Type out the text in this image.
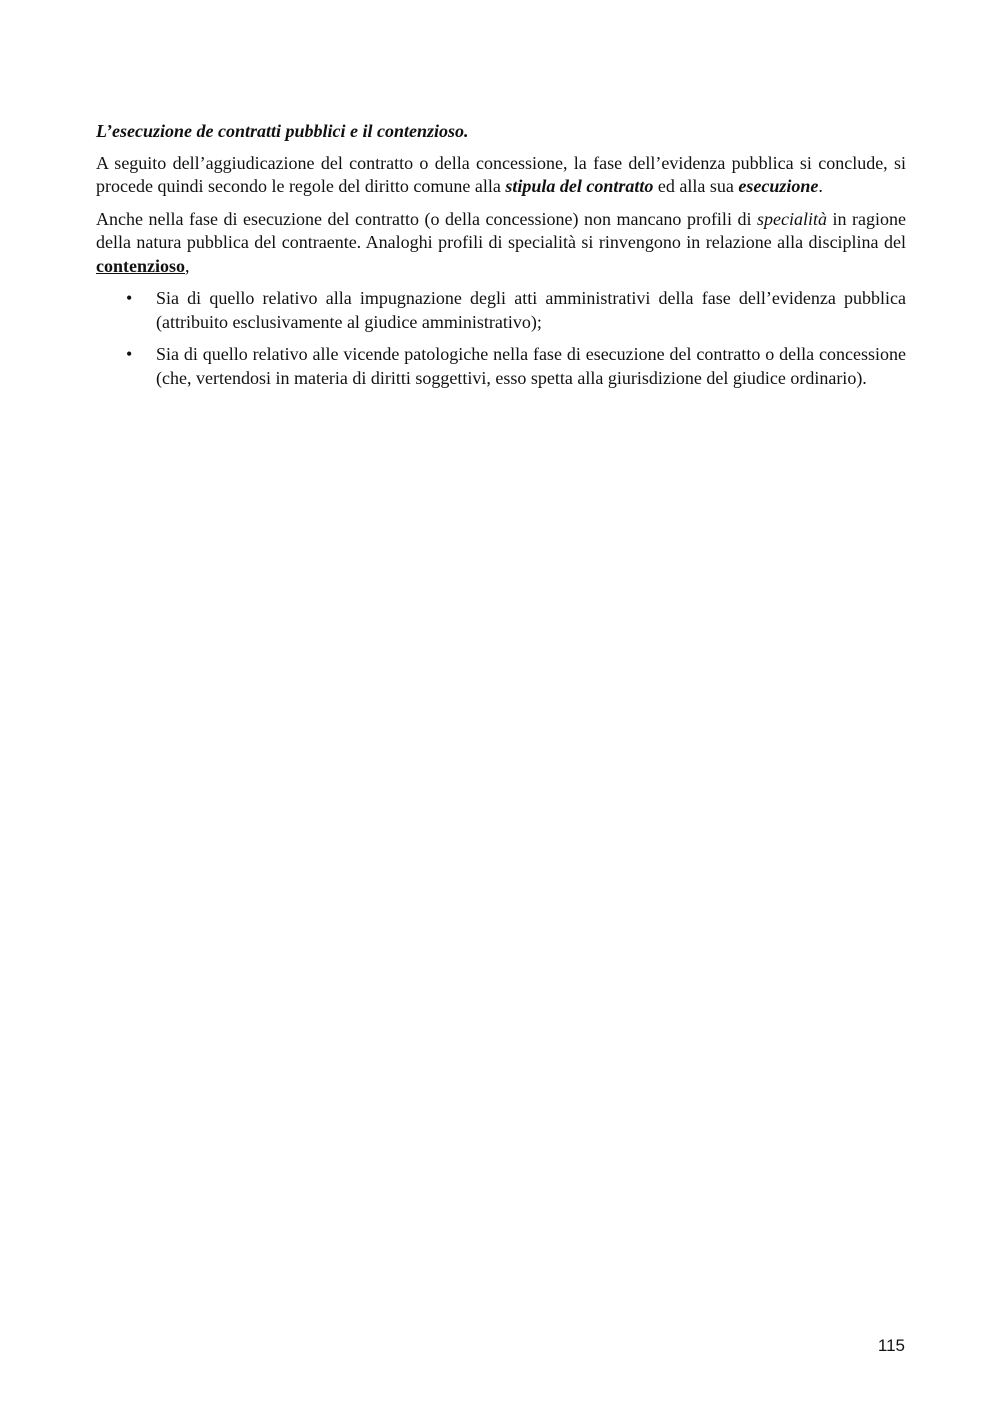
L’esecuzione de contratti pubblici e il contenzioso.

A seguito dell’aggiudicazione del contratto o della concessione, la fase dell’evidenza pubblica si conclude, si procede quindi secondo le regole del diritto comune alla stipula del contratto ed alla sua esecuzione.

Anche nella fase di esecuzione del contratto (o della concessione) non mancano profili di specialità in ragione della natura pubblica del contraente. Analoghi profili di specialità si rinvengono in relazione alla disciplina del contenzioso,

• Sia di quello relativo alla impugnazione degli atti amministrativi della fase dell’evidenza pubblica (attribuito esclusivamente al giudice amministrativo);
• Sia di quello relativo alle vicende patologiche nella fase di esecuzione del contratto o della concessione (che, vertendosi in materia di diritti soggettivi, esso spetta alla giurisdizione del giudice ordinario).
115
